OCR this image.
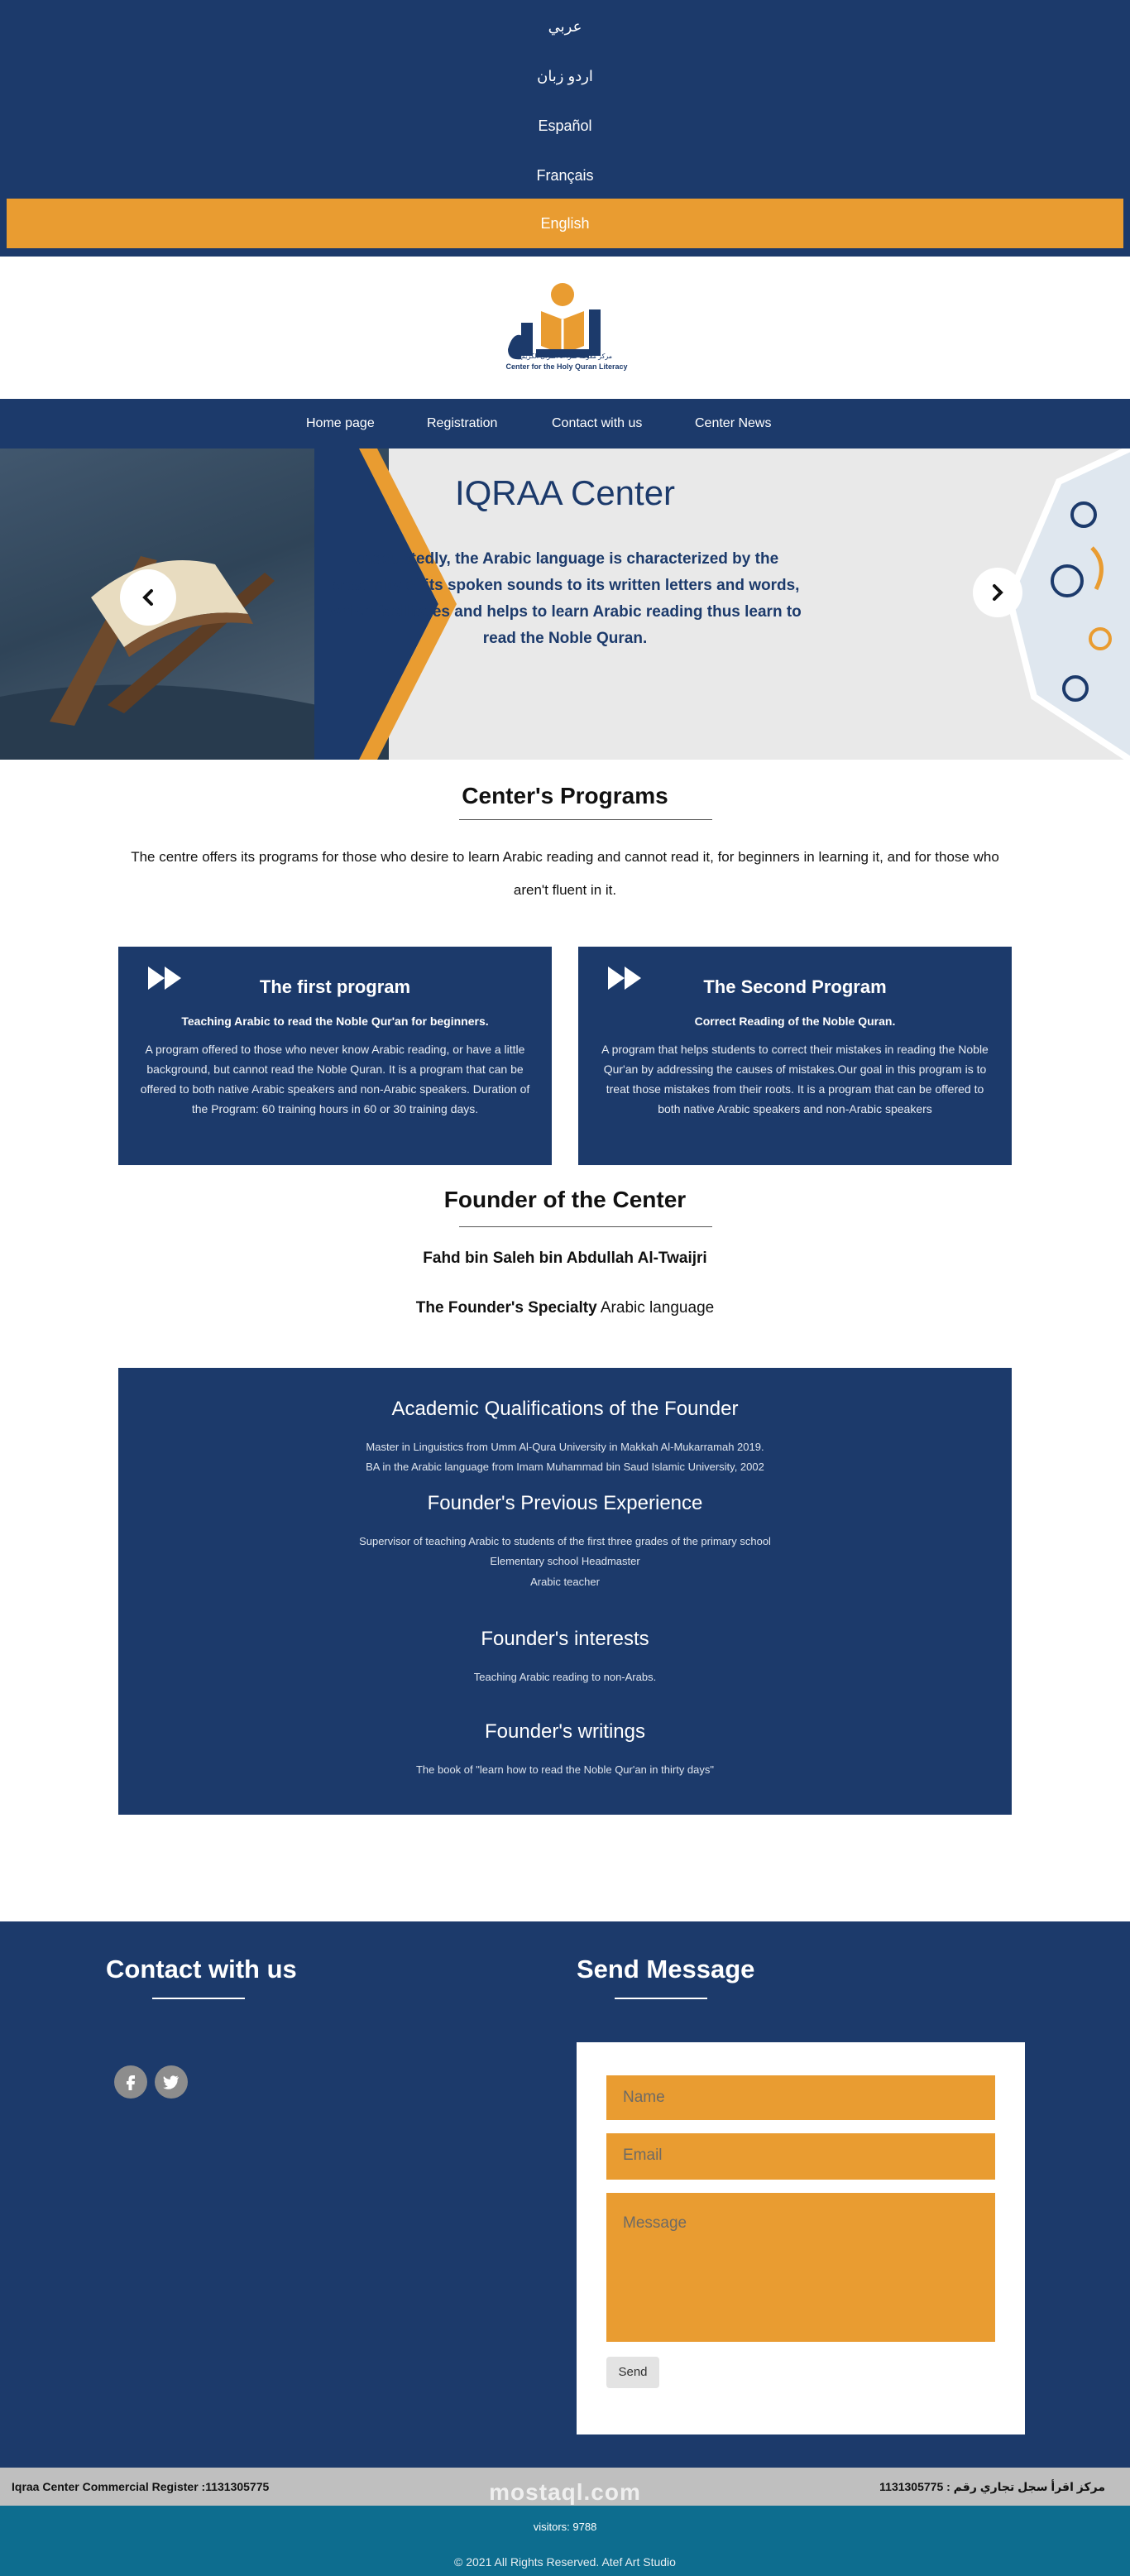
عربي
اردو زبان
Español
Français
English
مركز مقومة لقراءة القرآن الكريم
Center for the Holy Quran Literacy
Home page	Registration	Contact with us	Center News
IQRAA Center
Undoubtedly, the Arabic language is characterized by the proximity of its spoken sounds to its written letters and words, which facilitates and helps to learn Arabic reading thus learn to read the Noble Quran.
Center's Programs
The centre offers its programs for those who desire to learn Arabic reading and cannot read it, for beginners in learning it, and for those who aren't fluent in it.
The first program
Teaching Arabic to read the Noble Qur'an for beginners.
A program offered to those who never know Arabic reading, or have a little background, but cannot read the Noble Quran. It is a program that can be offered to both native Arabic speakers and non-Arabic speakers. Duration of the Program: 60 training hours in 60 or 30 training days.
The Second Program
Correct Reading of the Noble Quran.
A program that helps students to correct their mistakes in reading the Noble Qur'an by addressing the causes of mistakes.Our goal in this program is to treat those mistakes from their roots. It is a program that can be offered to both native Arabic speakers and non-Arabic speakers
Founder of the Center
Fahd bin Saleh bin Abdullah Al-Twaijri
The Founder's Specialty Arabic language
Academic Qualifications of the Founder
Master in Linguistics from Umm Al-Qura University in Makkah Al-Mukarramah 2019.
BA in the Arabic language from Imam Muhammad bin Saud Islamic University, 2002
Founder's Previous Experience
Supervisor of teaching Arabic to students of the first three grades of the primary school
Elementary school Headmaster
Arabic teacher
Founder's interests
Teaching Arabic reading to non-Arabs.
Founder's writings
The book of "learn how to read the Noble Qur'an in thirty days"
Contact with us	Send Message
Name
Email
Message
Send
Iqraa Center Commercial Register :1131305775	مركز اقرأ سجل تجاري رقم : 1131305775
visitors: 9788
© 2021 All Rights Reserved. Atef Art Studio
mostaql.com
